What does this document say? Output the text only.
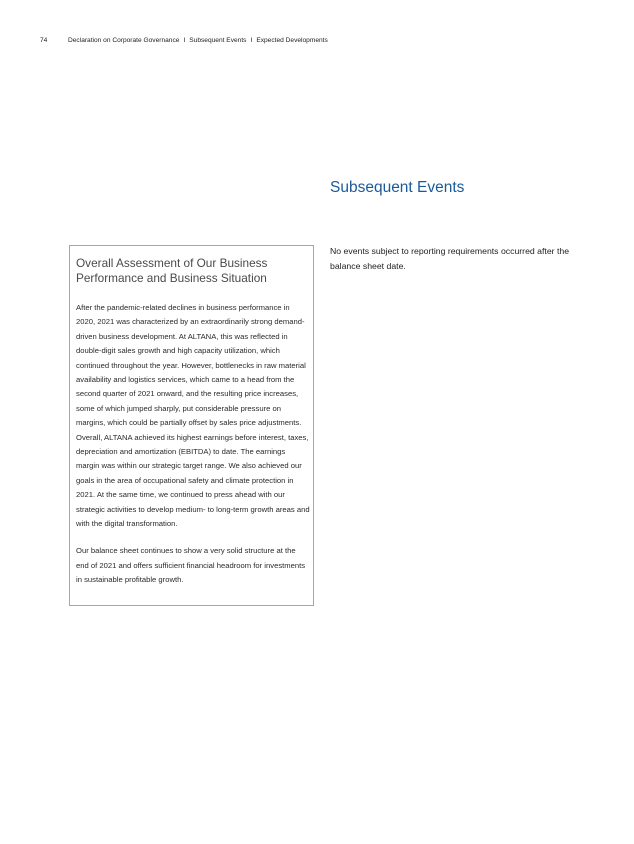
74	Declaration on Corporate Governance I Subsequent Events I Expected Developments
Subsequent Events
No events subject to reporting requirements occurred after the balance sheet date.
Overall Assessment of Our Business Performance and Business Situation

After the pandemic-related declines in business performance in 2020, 2021 was characterized by an extraordinarily strong demand-driven business development. At ALTANA, this was reflected in double-digit sales growth and high capacity utilization, which continued throughout the year. However, bottlenecks in raw material availability and logistics services, which came to a head from the second quarter of 2021 onward, and the resulting price increases, some of which jumped sharply, put considerable pressure on margins, which could be partially offset by sales price adjustments. Overall, ALTANA achieved its highest earnings before interest, taxes, depreciation and amortization (EBITDA) to date. The earnings margin was within our strategic target range. We also achieved our goals in the area of occupational safety and climate protection in 2021. At the same time, we continued to press ahead with our strategic activities to develop medium- to long-term growth areas and with the digital transformation.

Our balance sheet continues to show a very solid structure at the end of 2021 and offers sufficient financial headroom for investments in sustainable profitable growth.
